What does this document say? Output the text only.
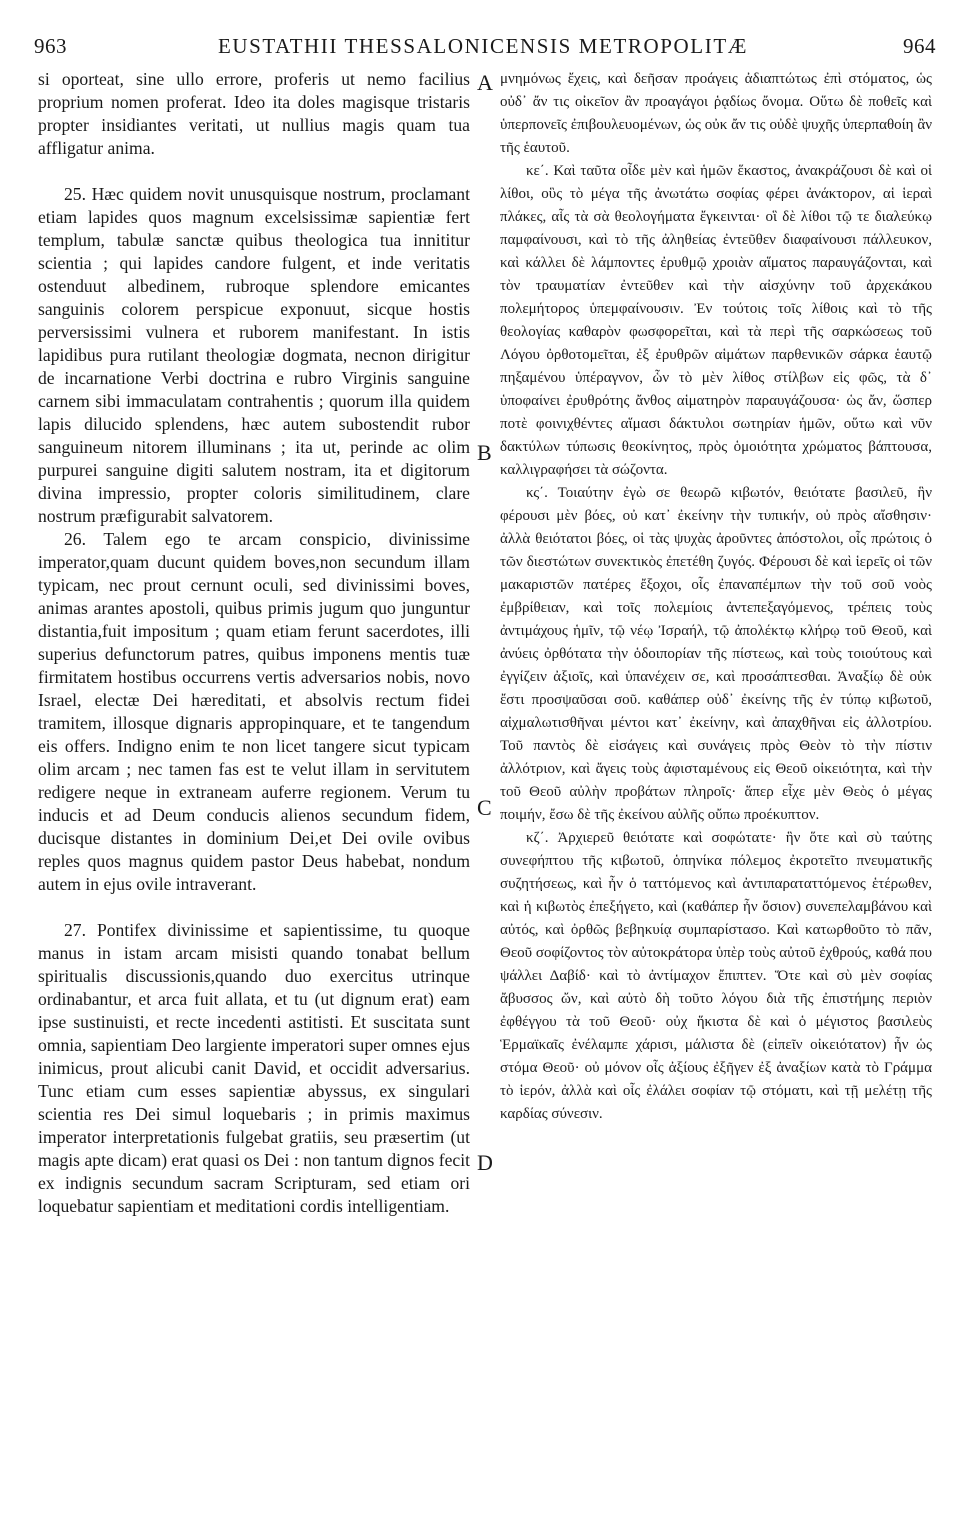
963	EUSTATHII THESSALONICENSIS METROPOLITÆ	964
A
B
C
D

si oporteat, sine ullo errore, proferis ut nemo facilius proprium nomen proferat. Ideo ita doles magisque tristaris propter insidiantes veritati, ut nullius magis quam tua affligatur anima.

25. Hæc quidem novit unusquisque nostrum, proclamant etiam lapides quos magnum excelsissimæ sapientiæ fert templum, tabulæ sanctæ quibus theologica tua innititur scientia ; qui lapides candore fulgent, et inde veritatis ostenduut albedinem, rubroque splendore emicantes sanguinis colorem perspicue exponuut, sicque hostis perversissimi vulnera et ruborem manifestant. In istis lapidibus pura rutilant theologiæ dogmata, necnon dirigitur de incarnatione Verbi doctrina e rubro Virginis sanguine carnem sibi immaculatam contrahentis ; quorum illa quidem lapis dilucido splendens, hæc autem subostendit rubor sanguineum nitorem illuminans ; ita ut, perinde ac olim purpurei sanguine digiti salutem nostram, ita et digitorum divina impressio, propter coloris similitudinem, clare nostrum præfigurabit salvatorem.

26. Talem ego te arcam conspicio, divinissime imperator,quam ducunt quidem boves,non secundum illam typicam, nec prout cernunt oculi, sed divinissimi boves, animas arantes apostoli, quibus primis jugum quo junguntur distantia,fuit impositum ; quam etiam ferunt sacerdotes, illi superius defunctorum patres, quibus imponens mentis tuæ firmitatem hostibus occurrens vertis adversarios nobis, novo Israel, electæ Dei hæreditati, et absolvis rectum fidei tramitem, illosque dignaris appropinquare, et te tangendum eis offers. Indigno enim te non licet tangere sicut typicam olim arcam ; nec tamen fas est te velut illam in servitutem redigere neque in extraneam auferre regionem. Verum tu inducis et ad Deum conducis alienos secundum fidem, ducisque distantes in dominium Dei,et Dei ovile ovibus reples quos magnus quidem pastor Deus habebat, nondum autem in ejus ovile intraverant.

27. Pontifex divinissime et sapientissime, tu quoque manus in istam arcam misisti quando tonabat bellum spiritualis discussionis,quando duo exercitus utrinque ordinabantur, et arca fuit allata, et tu (ut dignum erat) eam ipse sustinuisti, et recte incedenti astitisti. Et suscitata sunt omnia, sapientiam Deo largiente imperatori super omnes ejus inimicus, prout alicubi canit David, et occidit adversarius. Tunc etiam cum esses sapientiæ abyssus, ex singulari scientia res Dei simul loquebaris ; in primis maximus imperator interpretationis fulgebat gratiis, seu præsertim (ut magis apte dicam) erat quasi os Dei : non tantum dignos fecit ex indignis secundum sacram Scripturam, sed etiam ori loquebatur sapientiam et meditationi cordis intelligentiam.

μνημόνως ἔχεις, καὶ δεῆσαν προάγεις ἀδιαπτώτως ἐπὶ στόματος, ὡς οὐδ᾿ ἄν τις οἰκεῖον ἂν προαγάγοι ῥᾳδίως ὄνομα. Οὕτω δὲ ποθεῖς καὶ ὑπερπονεῖς ἐπιβουλευομένων, ὡς οὐκ ἄν τις οὐδὲ ψυχῆς ὑπερπαθοίη ἂν τῆς ἑαυτοῦ.

κε΄. Καὶ ταῦτα οἶδε μὲν καὶ ἡμῶν ἕκαστος, ἀνακράζουσι δὲ καὶ οἱ λίθοι, οὓς τὸ μέγα τῆς ἀνωτάτω σοφίας φέρει ἀνάκτορον, αἱ ἱεραὶ πλάκες, αἷς τὰ σὰ θεολογήματα ἔγκεινται· οἳ δὲ λίθοι τῷ τε διαλεύκῳ παμφαίνουσι, καὶ τὸ τῆς ἀληθείας ἐντεῦθεν διαφαίνουσι πάλλευκον, καὶ κάλλει δὲ λάμποντες ἐρυθμῷ χροιὰν αἵματος παραυγάζονται, καὶ τὸν τραυματίαν ἐντεῦθεν καὶ τὴν αἰσχύνην τοῦ ἀρχεκάκου πολεμήτορος ὑπεμφαίνουσιν. Ἐν τούτοις τοῖς λίθοις καὶ τὸ τῆς θεολογίας καθαρὸν φωσφορεῖται, καὶ τὰ περὶ τῆς σαρκώσεως τοῦ Λόγου ὀρθοτομεῖται, ἐξ ἐρυθρῶν αἱμάτων παρθενικῶν σάρκα ἑαυτῷ πηξαμένου ὑπέραγνον, ὧν τὸ μὲν λίθος στίλβων εἰς φῶς, τὰ δ᾿ ὑποφαίνει ἐρυθρότης ἄνθος αἱματηρὸν παραυγάζουσα· ὡς ἄν, ὥσπερ ποτὲ φοινιχθέντες αἵμασι δάκτυλοι σωτηρίαν ἡμῶν, οὕτω καὶ νῦν δακτύλων τύπωσις θεοκίνητος, πρὸς ὁμοιότητα χρώματος βάπτουσα, καλλιγραφήσει τὰ σώζοντα.

κς΄. Τοιαύτην ἐγὼ σε θεωρῶ κιβωτόν, θειότατε βασιλεῦ, ἣν φέρουσι μὲν βόες, οὐ κατ᾿ ἐκείνην τὴν τυπικήν, οὐ πρὸς αἴσθησιν· ἀλλὰ θειότατοι βόες, οἱ τὰς ψυχὰς ἀροῦντες ἀπόστολοι, οἷς πρώτοις ὁ τῶν διεστώτων συνεκτικὸς ἐπετέθη ζυγός. Φέρουσι δὲ καὶ ἱερεῖς οἱ τῶν μακαριστῶν πατέρες ἔξοχοι, οἷς ἐπαναπέμπων τὴν τοῦ σοῦ νοὸς ἐμβρίθειαν, καὶ τοῖς πολεμίοις ἀντεπεξαγόμενος, τρέπεις τοὺς ἀντιμάχους ἡμῖν, τῷ νέῳ Ἰσραήλ, τῷ ἀπολέκτῳ κλήρῳ τοῦ Θεοῦ, καὶ ἀνύεις ὀρθότατα τὴν ὁδοιπορίαν τῆς πίστεως, καὶ τοὺς τοιούτους καὶ ἐγγίζειν ἀξιοῖς, καὶ ὑπανέχειν σε, καὶ προσάπτεσθαι. Ἀναξίῳ δὲ οὐκ ἔστι προσψαῦσαι σοῦ. καθάπερ οὐδ᾿ ἐκείνης τῆς ἐν τύπῳ κιβωτοῦ, αἰχμαλωτισθῆναι μέντοι κατ᾿ ἐκείνην, καὶ ἀπαχθῆναι εἰς ἀλλοτρίου. Τοῦ παντὸς δὲ εἰσάγεις καὶ συνάγεις πρὸς Θεὸν τὸ τὴν πίστιν ἀλλότριον, καὶ ἄγεις τοὺς ἀφισταμένους εἰς Θεοῦ οἰκειότητα, καὶ τὴν τοῦ Θεοῦ αὐλὴν προβάτων πληροῖς· ἅπερ εἶχε μὲν Θεὸς ὁ μέγας ποιμήν, ἔσω δὲ τῆς ἐκείνου αὐλῆς οὔπω προέκυπτον.

κζ΄. Ἀρχιερεῦ θειότατε καὶ σοφώτατε· ἣν ὅτε καὶ σὺ ταύτης συνεφήπτου τῆς κιβωτοῦ, ὁπηνίκα πόλεμος ἐκροτεῖτο πνευματικῆς συζητήσεως, καὶ ἦν ὁ ταττόμενος καὶ ἀντιπαραταττόμενος ἑτέρωθεν, καὶ ἡ κιβωτὸς ἐπεξήγετο, καὶ (καθάπερ ἦν ὅσιον) συνεπελαμβάνου καὶ αὐτός, καὶ ὀρθῶς βεβηκυίᾳ συμπαρίστασο. Καὶ κατωρθοῦτο τὸ πᾶν, Θεοῦ σοφίζοντος τὸν αὐτοκράτορα ὑπὲρ τοὺς αὐτοῦ ἐχθρούς, καθά που ψάλλει Δαβίδ· καὶ τὸ ἀντίμαχον ἔπιπτεν. Ὅτε καὶ σὺ μὲν σοφίας ἄβυσσος ὤν, καὶ αὐτὸ δὴ τοῦτο λόγου διὰ τῆς ἐπιστήμης περιὸν ἐφθέγγου τὰ τοῦ Θεοῦ· οὐχ ἥκιστα δὲ καὶ ὁ μέγιστος βασιλεὺς Ἑρμαϊκαῖς ἐνέλαμπε χάρισι, μάλιστα δὲ (εἰπεῖν οἰκειότατον) ἦν ὡς στόμα Θεοῦ· οὐ μόνον οἷς ἀξίους ἐξῆγεν ἐξ ἀναξίων κατὰ τὸ Γράμμα τὸ ἱερόν, ἀλλὰ καὶ οἷς ἐλάλει σοφίαν τῷ στόματι, καὶ τῇ μελέτῃ τῆς καρδίας σύνεσιν.
